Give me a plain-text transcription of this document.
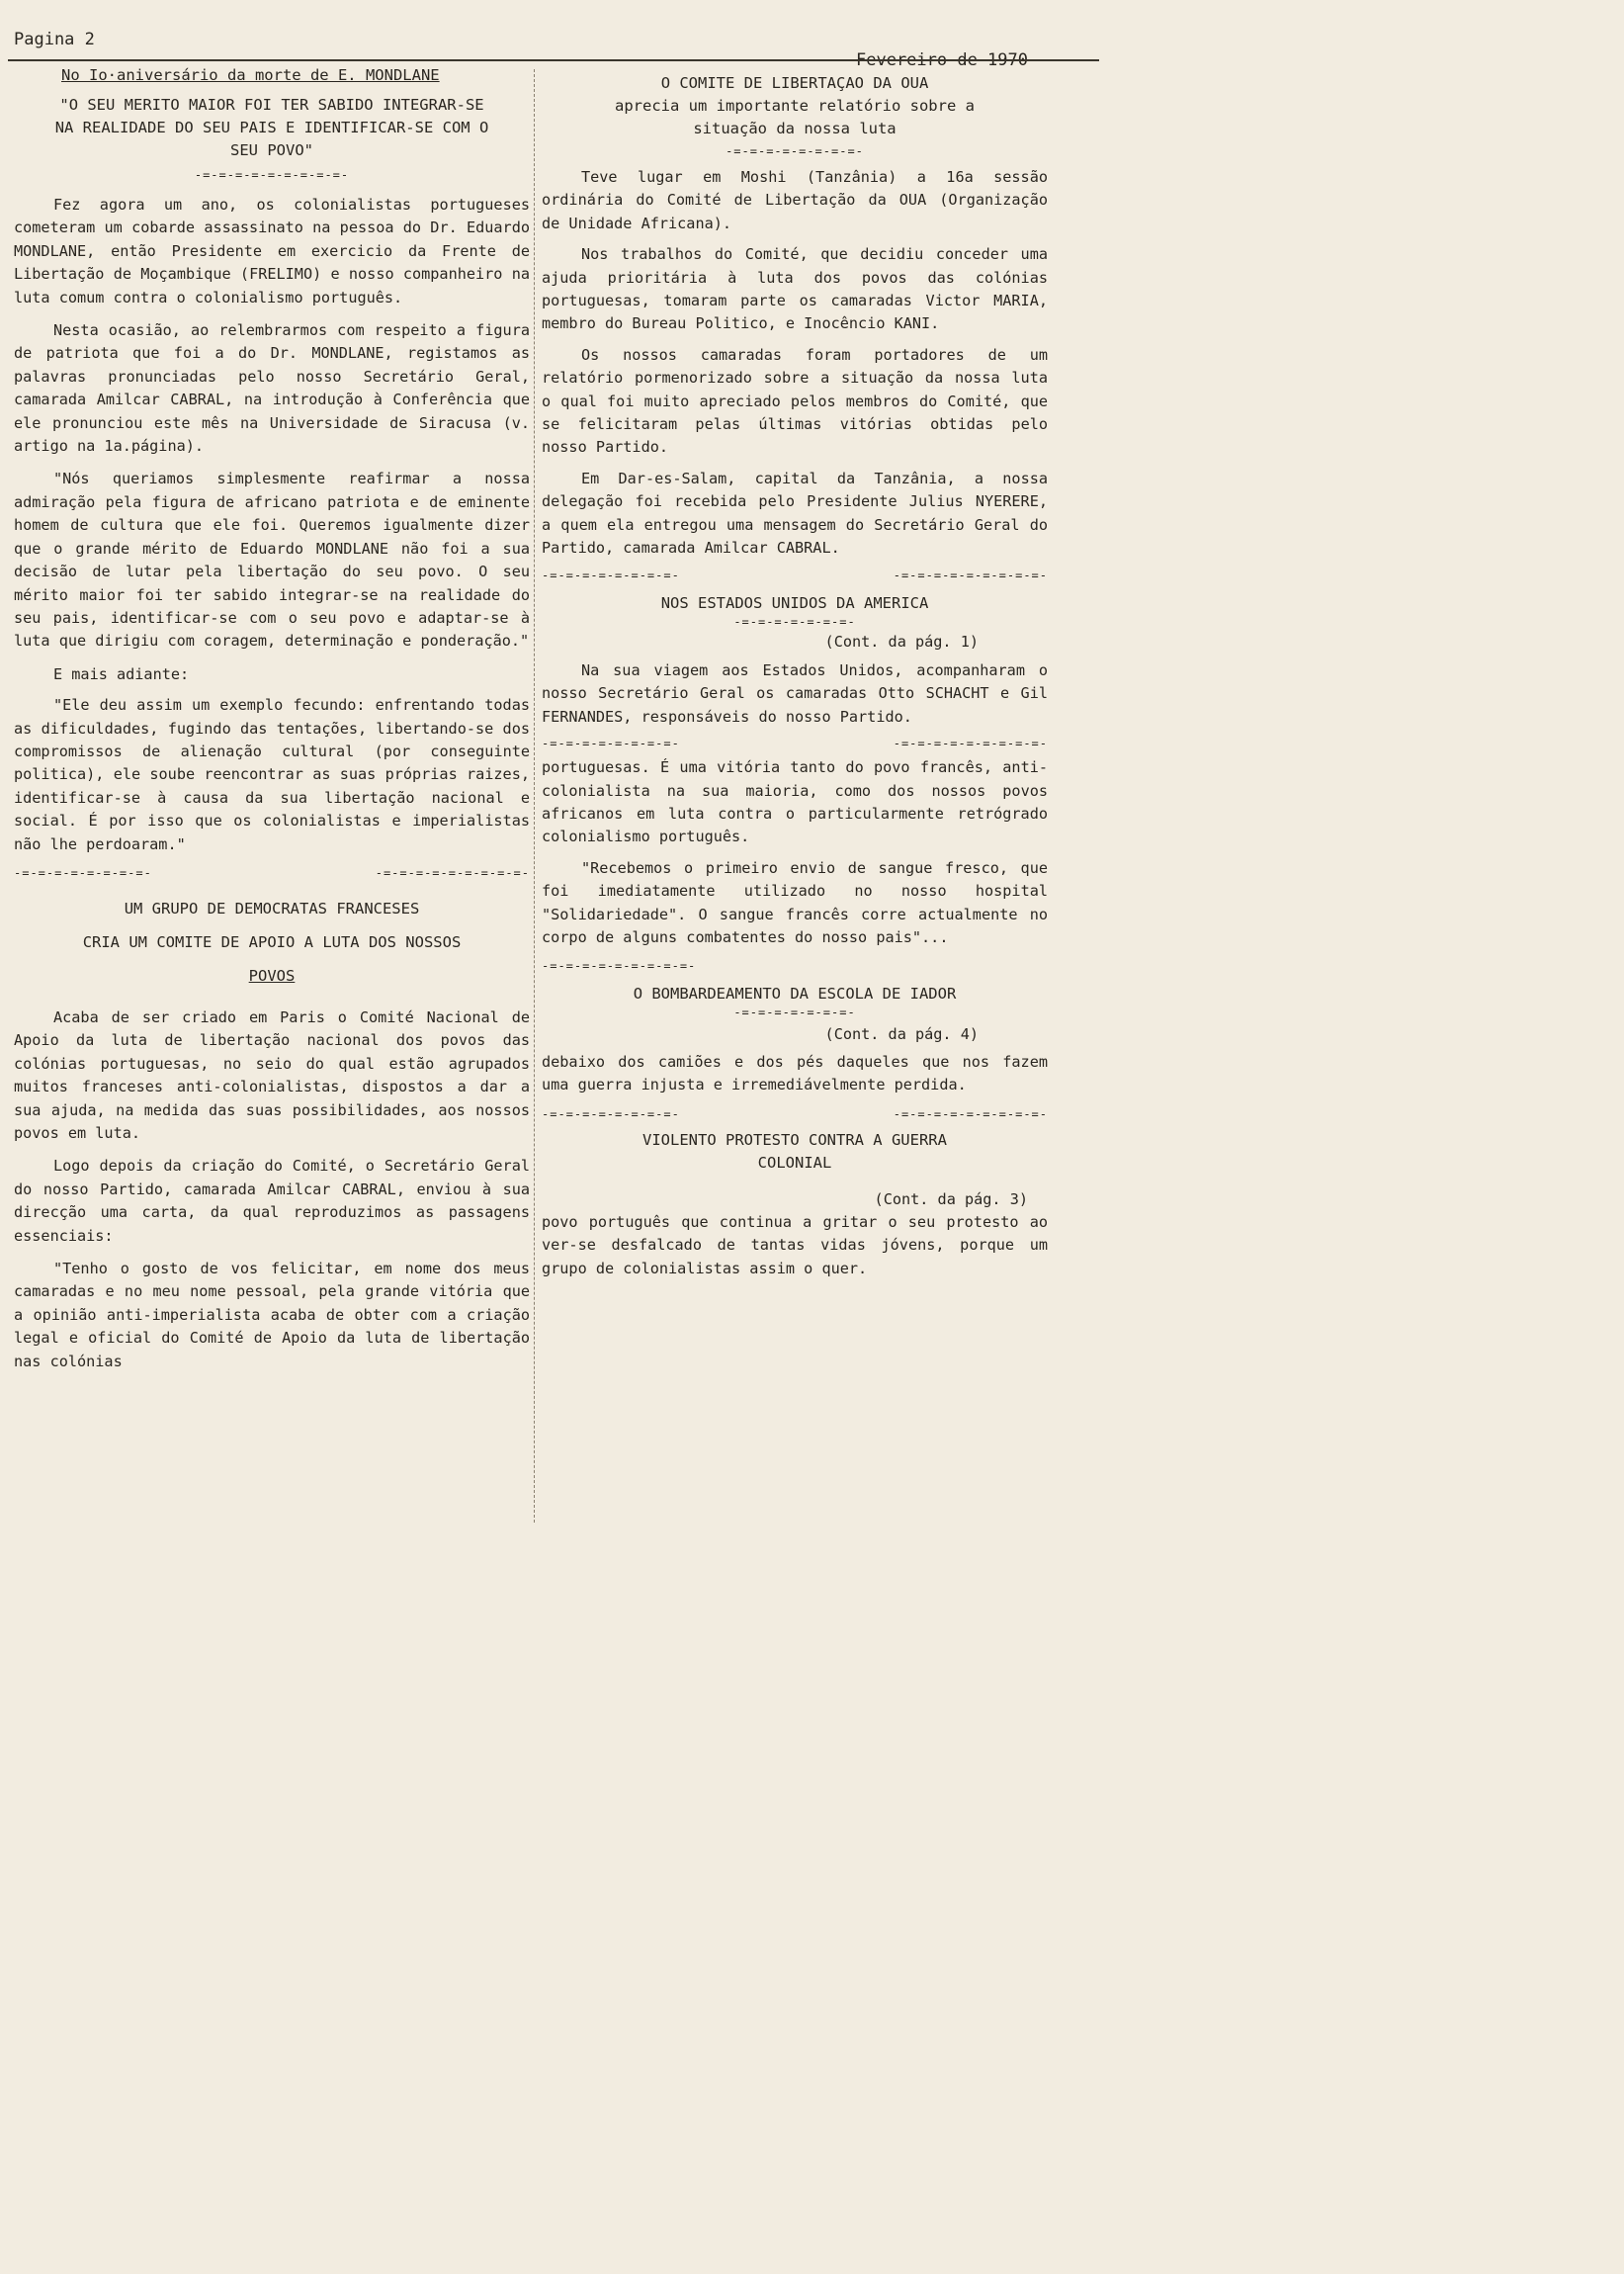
Pagina 2
Fevereiro de 1970
No Io·aniversário da morte de E. MONDLANE
"O SEU MERITO MAIOR FOI TER SABIDO INTEGRAR-SE NA REALIDADE DO SEU PAIS E IDENTIFICAR-SE COM O SEU POVO"
-=-=-=-=-=-=-=-=-=-

Fez agora um ano, os colonialistas portugueses cometeram um cobarde assassinato na pessoa do Dr. Eduardo MONDLANE, então Presidente em exercicio da Frente de Libertação de Moçambique (FRELIMO) e nosso companheiro na luta comum contra o colonialismo português.

Nesta ocasião, ao relembrarmos com respeito a figura de patriota que foi a do Dr. MONDLANE, registamos as palavras pronunciadas pelo nosso Secretário Geral, camarada Amilcar CABRAL, na introdução à Conferência que ele pronunciou este mês na Universidade de Siracusa (v. artigo na 1a.página).

"Nós queriamos simplesmente reafirmar a nossa admiração pela figura de africano patriota e de eminente homem de cultura que ele foi. Queremos igualmente dizer que o grande mérito de Eduardo MONDLANE não foi a sua decisão de lutar pela libertação do seu povo. O seu mérito maior foi ter sabido integrar-se na realidade do seu pais, identificar-se com o seu povo e adaptar-se à luta que dirigiu com coragem, determinação e ponderação."

E mais adiante:

"Ele deu assim um exemplo fecundo: enfrentando todas as dificuldades, fugindo das tentações, libertando-se dos compromissos de alienação cultural (por conseguinte politica), ele soube reencontrar as suas próprias raizes, identificar-se à causa da sua libertação nacional e social. É por isso que os colonialistas e imperialistas não lhe perdoaram."

-=-=-=-=-=-=-=-=-	-=-=-=-=-=-=-=-=-=-
UM GRUPO DE DEMOCRATAS FRANCESES
CRIA UM COMITE DE APOIO A LUTA DOS NOSSOS
POVOS

Acaba de ser criado em Paris o Comité Nacional de Apoio da luta de libertação nacional dos povos das colónias portuguesas, no seio do qual estão agrupados muitos franceses anti-colonialistas, dispostos a dar a sua ajuda, na medida das suas possibilidades, aos nossos povos em luta.

Logo depois da criação do Comité, o Secretário Geral do nosso Partido, camarada Amilcar CABRAL, enviou à sua direcção uma carta, da qual reproduzimos as passagens essenciais:

"Tenho o gosto de vos felicitar, em nome dos meus camaradas e no meu nome pessoal, pela grande vitória que a opinião anti-imperialista acaba de obter com a criação legal e oficial do Comité de Apoio da luta de libertação nas colónias

O COMITE DE LIBERTAÇAO DA OUA
aprecia um importante relatório sobre a
situação da nossa luta
-=-=-=-=-=-=-=-=-

Teve lugar em Moshi (Tanzânia) a 16a sessão ordinária do Comité de Libertação da OUA (Organização de Unidade Africana).

Nos trabalhos do Comité, que decidiu conceder uma ajuda prioritária à luta dos povos das colónias portuguesas, tomaram parte os camaradas Victor MARIA, membro do Bureau Politico, e Inocêncio KANI.

Os nossos camaradas foram portadores de um relatório pormenorizado sobre a situação da nossa luta o qual foi muito apreciado pelos membros do Comité, que se felicitaram pelas últimas vitórias obtidas pelo nosso Partido.

Em Dar-es-Salam, capital da Tanzânia, a nossa delegação foi recebida pelo Presidente Julius NYERERE, a quem ela entregou uma mensagem do Secretário Geral do Partido, camarada Amilcar CABRAL.

-=-=-=-=-=-=-=-=-	-=-=-=-=-=-=-=-=-=-
NOS ESTADOS UNIDOS DA AMERICA
-=-=-=-=-=-=-=-
(Cont. da pág. 1)

Na sua viagem aos Estados Unidos, acompanharam o nosso Secretário Geral os camaradas Otto SCHACHT e Gil FERNANDES, responsáveis do nosso Partido.

-=-=-=-=-=-=-=-=-	-=-=-=-=-=-=-=-=-=-

portuguesas. É uma vitória tanto do povo francês, anti-colonialista na sua maioria, como dos nossos povos africanos em luta contra o particularmente retrógrado colonialismo português.

"Recebemos o primeiro envio de sangue fresco, que foi imediatamente utilizado no nosso hospital "Solidariedade". O sangue francês corre actualmente no corpo de alguns combatentes do nosso pais"...

-=-=-=-=-=-=-=-=-=-
O BOMBARDEAMENTO DA ESCOLA DE IADOR
-=-=-=-=-=-=-=-
(Cont. da pág. 4)

debaixo dos camiões e dos pés daqueles que nos fazem uma guerra injusta e irremediávelmente perdida.

-=-=-=-=-=-=-=-=-	-=-=-=-=-=-=-=-=-=-
VIOLENTO PROTESTO CONTRA A GUERRA
COLONIAL
(Cont. da pág. 3)

povo português que continua a gritar o seu protesto ao ver-se desfalcado de tantas vidas jóvens, porque um grupo de colonialistas assim o quer.
